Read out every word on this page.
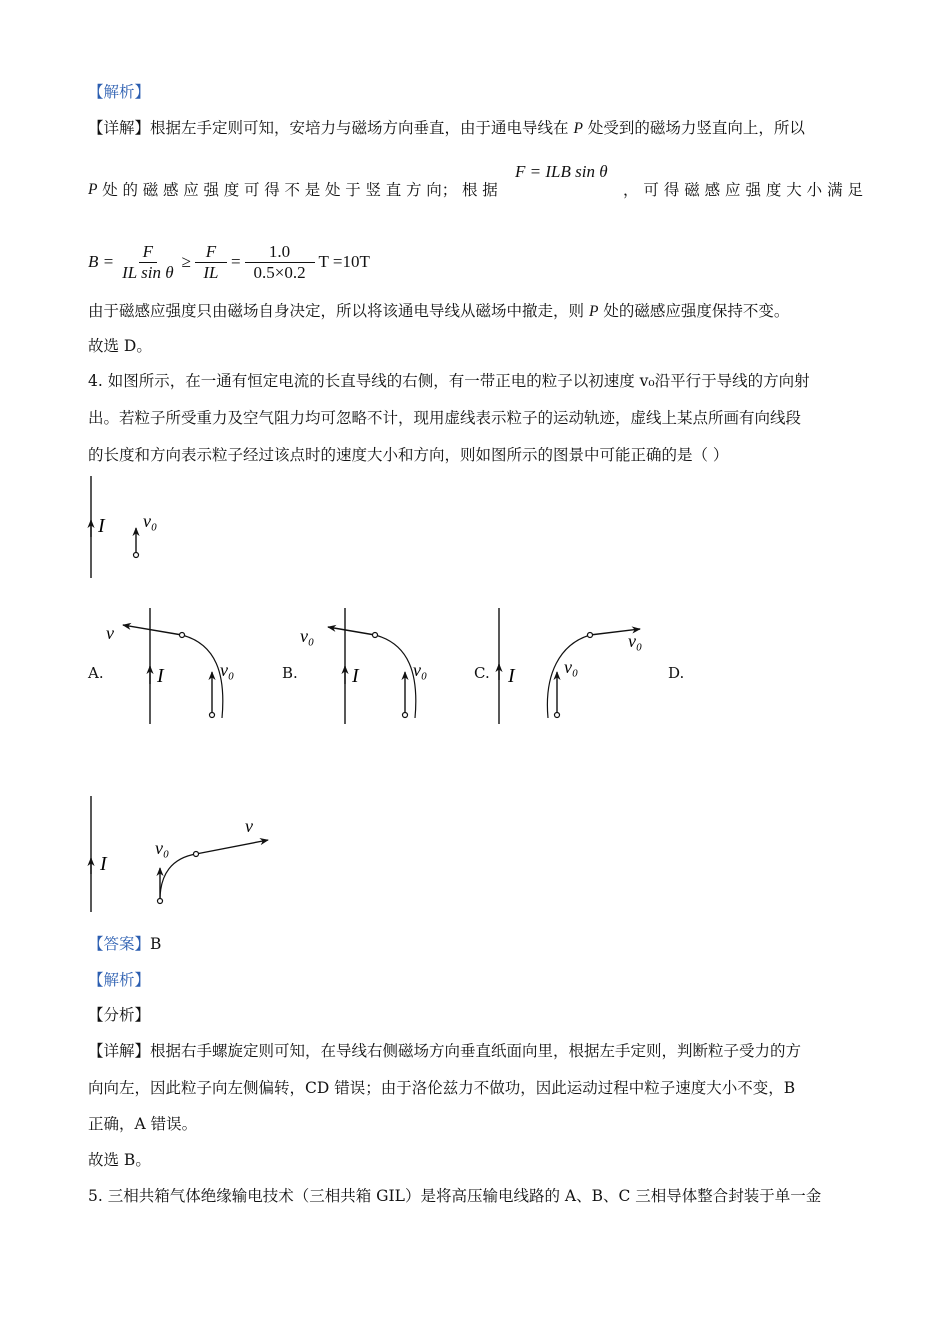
【解析】
【详解】根据左手定则可知，安培力与磁场方向垂直，由于通电导线在 P 处受到的磁场力竖直向上，所以
F = ILB sin θ
P 处 的 磁 感 应 强 度 可 得 不 是 处 于 竖 直 方 向； 根 据	， 可 得 磁 感 应 强 度 大 小 满 足
$B = \frac{F}{\text{IL sin θ}} \ge \frac{F}{IL} = \frac{1.0}{0.5\times 0.2}$ T =10T
由于磁感应强度只由磁场自身决定，所以将该通电导线从磁场中撤走，则 P 处的磁感应强度保持不变。
故选 D。
4. 如图所示，在一通有恒定电流的长直导线的右侧，有一带正电的粒子以初速度 v₀沿平行于导线的方向射
出。若粒子所受重力及空气阻力均可忽略不计，现用虚线表示粒子的运动轨迹，虚线上某点所画有向线段
的长度和方向表示粒子经过该点时的速度大小和方向，则如图所示的图景中可能正确的是（ ）
I v₀
A.	I	v₀
v
B.	I	v₀
v₀
C. I	v₀
v₀
D.
I
v₀
v
【答案】B
【解析】
【分析】
【详解】根据右手螺旋定则可知，在导线右侧磁场方向垂直纸面向里，根据左手定则，判断粒子受力的方
向向左，因此粒子向左侧偏转，CD 错误；由于洛伦兹力不做功，因此运动过程中粒子速度大小不变，B
正确，A 错误。
故选 B。
5. 三相共箱气体绝缘输电技术（三相共箱 GIL）是将高压输电线路的 A、B、C 三相导体整合封装于单一金
